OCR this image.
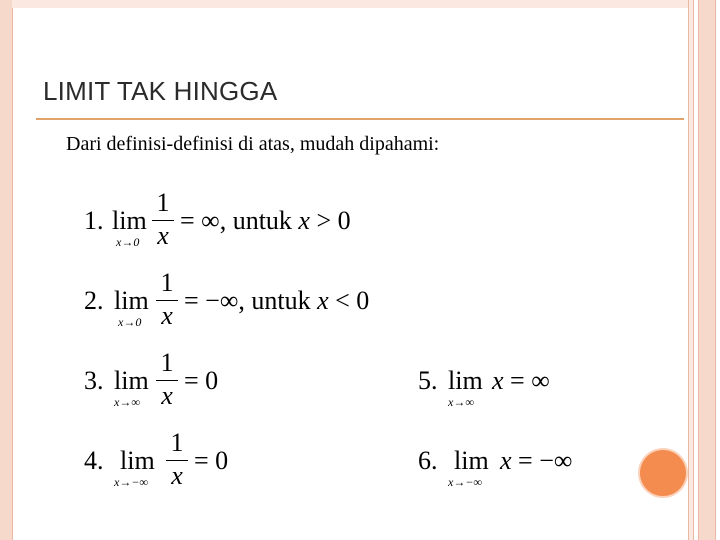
LIMIT TAK HINGGA
Dari definisi-definisi di atas, mudah dipahami:
1. lim
x→0
1
x
= ∞, untuk x > 0
2. lim
x→0
1
x
= −∞, untuk x < 0
3. lim
x→∞
1
x
= 0
4. lim
x→−∞
1
x
= 0
5. lim
x→∞
x = ∞
6. lim
x→−∞
x = −∞
